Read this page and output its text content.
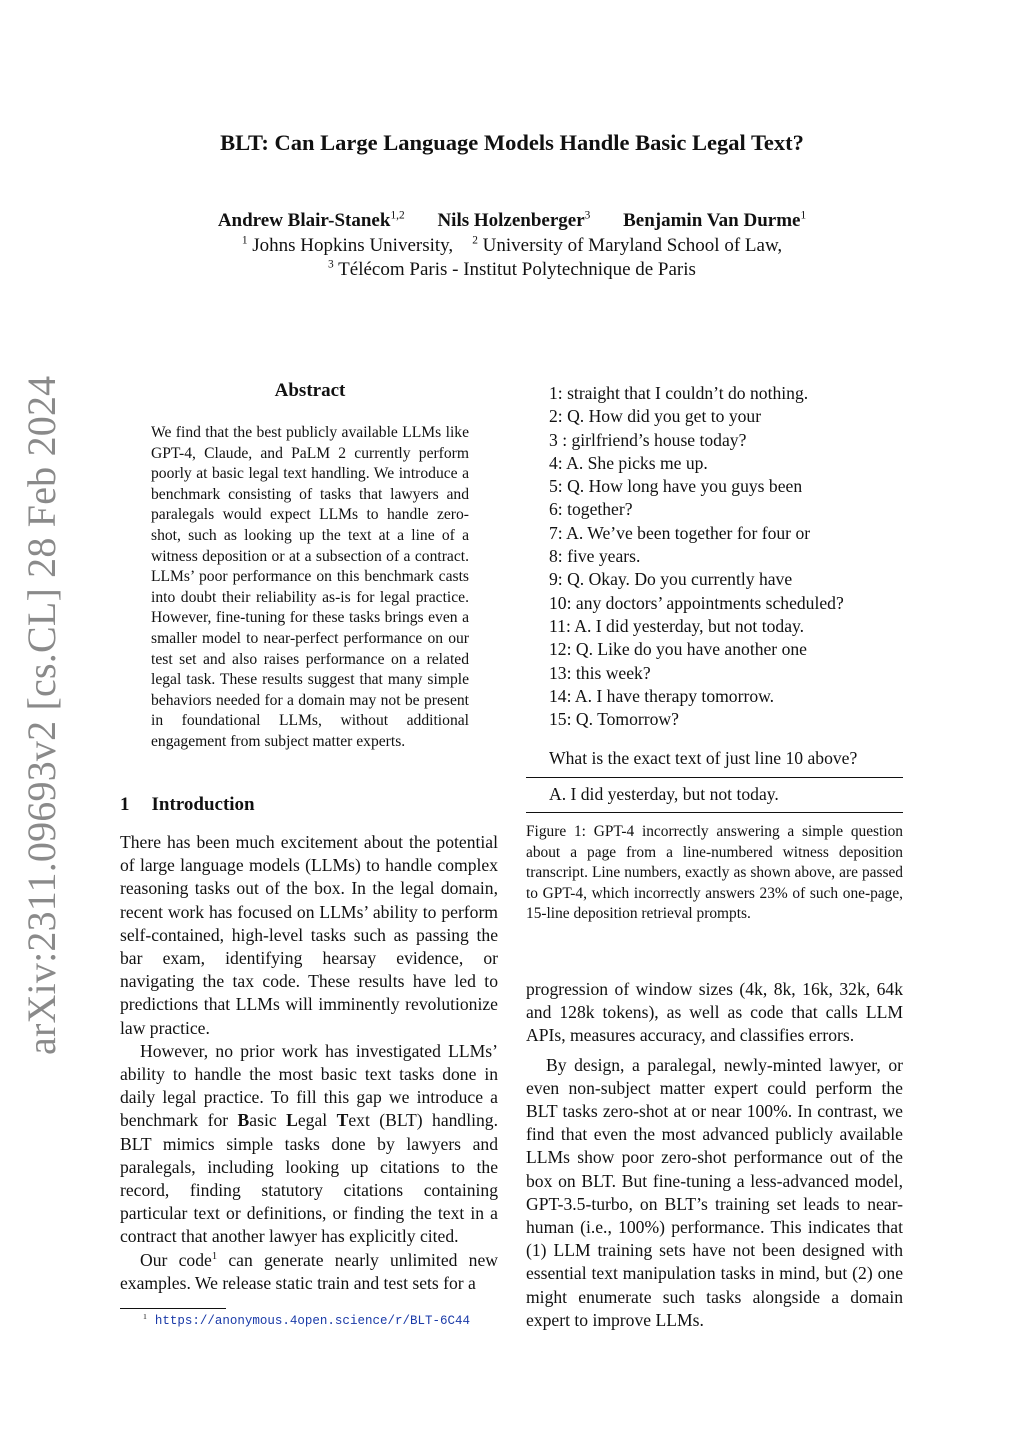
arXiv:2311.09693v2 [cs.CL] 28 Feb 2024
BLT: Can Large Language Models Handle Basic Legal Text?
Andrew Blair-Stanek$^{1,2}$ Nils Holzenberger$^3$ Benjamin Van Durme$^1$
$^1$ Johns Hopkins University, $^2$ University of Maryland School of Law,
$^3$ Télécom Paris - Institut Polytechnique de Paris
Abstract
We find that the best publicly available LLMs like GPT-4, Claude, and PaLM 2 currently perform poorly at basic legal text handling. We introduce a benchmark consisting of tasks that lawyers and paralegals would expect LLMs to handle zero-shot, such as looking up the text at a line of a witness deposition or at a subsection of a contract. LLMs’ poor performance on this benchmark casts into doubt their reliability as-is for legal practice. However, fine-tuning for these tasks brings even a smaller model to near-perfect performance on our test set and also raises performance on a related legal task. These results suggest that many simple behaviors needed for a domain may not be present in foundational LLMs, without additional engagement from subject matter experts.
1 Introduction

There has been much excitement about the potential of large language models (LLMs) to handle complex reasoning tasks out of the box. In the legal domain, recent work has focused on LLMs’ ability to perform self-contained, high-level tasks such as passing the bar exam, identifying hearsay evidence, or navigating the tax code. These results have led to predictions that LLMs will imminently revolutionize law practice.

However, no prior work has investigated LLMs’ ability to handle the most basic text tasks done in daily legal practice. To fill this gap we introduce a benchmark for Basic Legal Text (BLT) handling. BLT mimics simple tasks done by lawyers and paralegals, including looking up citations to the record, finding statutory citations containing particular text or definitions, or finding the text in a contract that another lawyer has explicitly cited.

Our code$^1$ can generate nearly unlimited new examples. We release static train and test sets for a

$^1$ https://anonymous.4open.science/r/BLT-6C44
1: straight that I couldn’t do nothing.
2: Q. How did you get to your
3 : girlfriend’s house today?
4: A. She picks me up.
5: Q. How long have you guys been
6: together?
7: A. We’ve been together for four or
8: five years.
9: Q. Okay. Do you currently have
10: any doctors’ appointments scheduled?
11: A. I did yesterday, but not today.
12: Q. Like do you have another one
13: this week?
14: A. I have therapy tomorrow.
15: Q. Tomorrow?
What is the exact text of just line 10 above?
A. I did yesterday, but not today.
Figure 1: GPT-4 incorrectly answering a simple question about a page from a line-numbered witness deposition transcript. Line numbers, exactly as shown above, are passed to GPT-4, which incorrectly answers 23% of such one-page, 15-line deposition retrieval prompts.

progression of window sizes (4k, 8k, 16k, 32k, 64k and 128k tokens), as well as code that calls LLM APIs, measures accuracy, and classifies errors.

By design, a paralegal, newly-minted lawyer, or even non-subject matter expert could perform the BLT tasks zero-shot at or near 100%. In contrast, we find that even the most advanced publicly available LLMs show poor zero-shot performance out of the box on BLT. But fine-tuning a less-advanced model, GPT-3.5-turbo, on BLT’s training set leads to near-human (i.e., 100%) performance. This indicates that (1) LLM training sets have not been designed with essential text manipulation tasks in mind, but (2) one might enumerate such tasks alongside a domain expert to improve LLMs.
